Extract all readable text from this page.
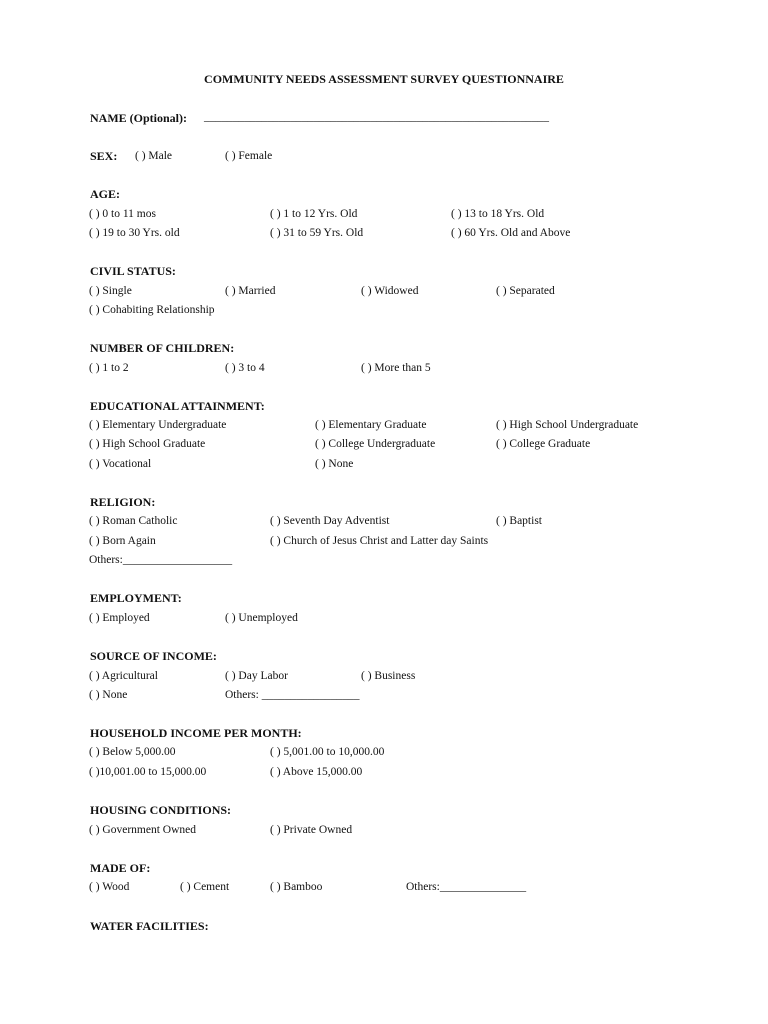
COMMUNITY NEEDS ASSESSMENT SURVEY QUESTIONNAIRE
NAME (Optional): ____________________________________________________________
SEX: ( ) Male	( ) Female
AGE:
( ) 0 to 11 mos	( ) 1 to 12 Yrs. Old	( ) 13 to 18 Yrs. Old
( ) 19 to 30 Yrs. old	( ) 31 to 59 Yrs. Old	( ) 60 Yrs. Old and Above
CIVIL STATUS:
( ) Single	( ) Married	( ) Widowed	( ) Separated
( ) Cohabiting Relationship
NUMBER OF CHILDREN:
( ) 1 to 2	( ) 3 to 4	( ) More than 5
EDUCATIONAL ATTAINMENT:
( ) Elementary Undergraduate	( ) Elementary Graduate	( ) High School Undergraduate
( ) High School Graduate	( ) College Undergraduate	( ) College Graduate
( ) Vocational	( ) None
RELIGION:
( ) Roman Catholic	( ) Seventh Day Adventist	( ) Baptist
( ) Born Again	( ) Church of Jesus Christ and Latter day Saints
Others:___________________
EMPLOYMENT:
( ) Employed	( ) Unemployed
SOURCE OF INCOME:
( ) Agricultural	( ) Day Labor	( ) Business
( ) None	Others: _________________
HOUSEHOLD INCOME PER MONTH:
( ) Below 5,000.00	( ) 5,001.00 to 10,000.00
( )10,001.00 to 15,000.00	( ) Above 15,000.00
HOUSING CONDITIONS:
( ) Government Owned	( ) Private Owned
MADE OF:
( ) Wood	( ) Cement	( ) Bamboo	Others:_______________
WATER FACILITIES:
